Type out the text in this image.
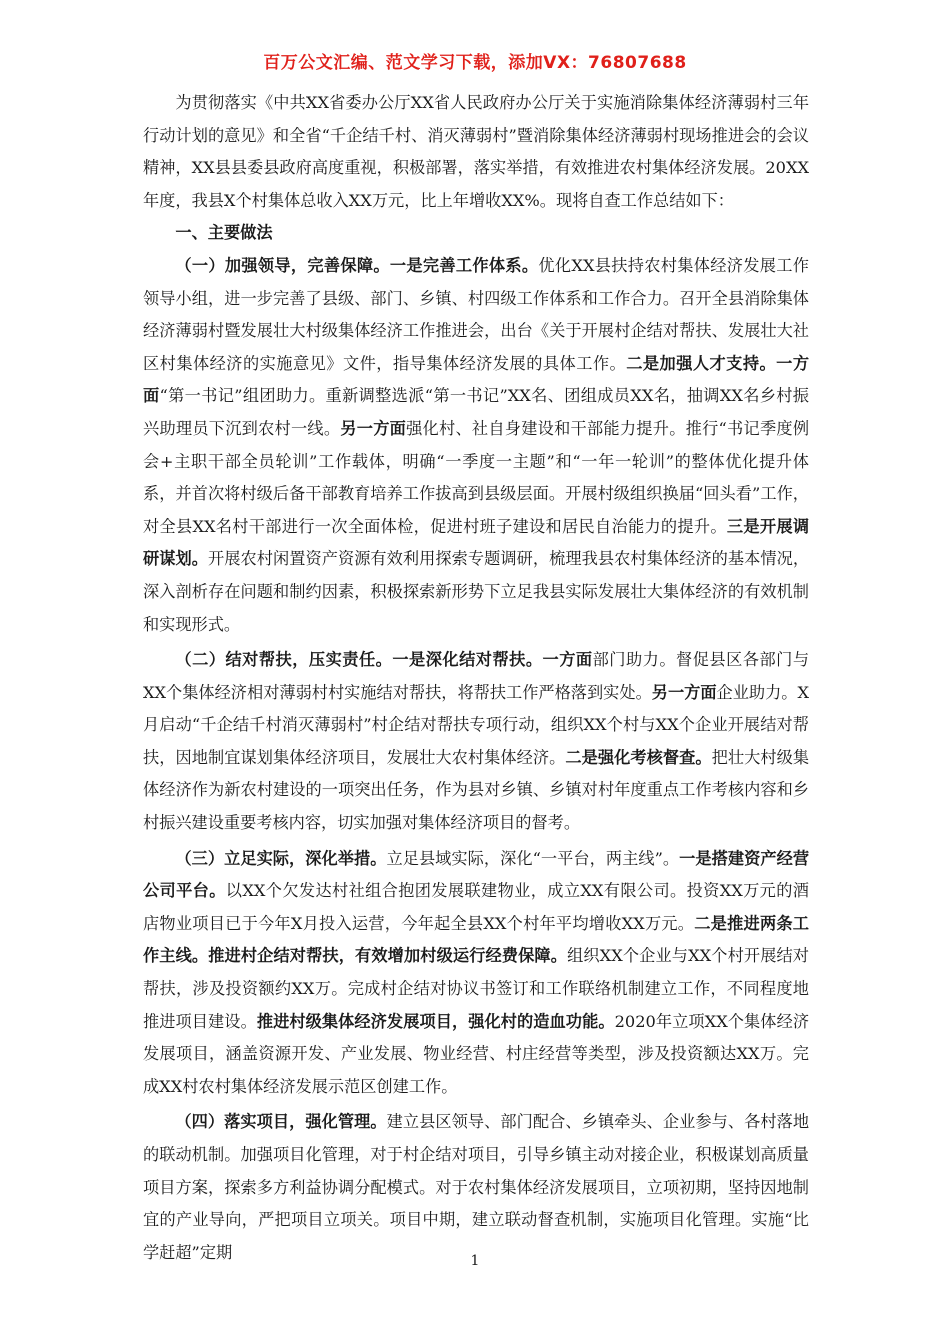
百万公文汇编、范文学习下载，添加VX：76807688

为贯彻落实《中共XX省委办公厅XX省人民政府办公厅关于实施消除集体经济薄弱村三年行动计划的意见》和全省“千企结千村、消灭薄弱村”暨消除集体经济薄弱村现场推进会的会议精神，XX县县委县政府高度重视，积极部署，落实举措，有效推进农村集体经济发展。20XX年度，我县X个村集体总收入XX万元，比上年增收XX%。现将自查工作总结如下：

一、主要做法

（一）加强领导，完善保障。一是完善工作体系。优化XX县扶持农村集体经济发展工作领导小组，进一步完善了县级、部门、乡镇、村四级工作体系和工作合力。召开全县消除集体经济薄弱村暨发展壮大村级集体经济工作推进会，出台《关于开展村企结对帮扶、发展壮大社区村集体经济的实施意见》文件，指导集体经济发展的具体工作。二是加强人才支持。一方面“第一书记”组团助力。重新调整选派“第一书记”XX名、团组成员XX名，抽调XX名乡村振兴助理员下沉到农村一线。另一方面强化村、社自身建设和干部能力提升。推行“书记季度例会+主职干部全员轮训”工作载体，明确“一季度一主题”和“一年一轮训”的整体优化提升体系，并首次将村级后备干部教育培养工作拔高到县级层面。开展村级组织换届“回头看”工作，对全县XX名村干部进行一次全面体检，促进村班子建设和居民自治能力的提升。三是开展调研谋划。开展农村闲置资产资源有效利用探索专题调研，梳理我县农村集体经济的基本情况，深入剖析存在问题和制约因素，积极探索新形势下立足我县实际发展壮大集体经济的有效机制和实现形式。

（二）结对帮扶，压实责任。一是深化结对帮扶。一方面部门助力。督促县区各部门与XX个集体经济相对薄弱村村实施结对帮扶，将帮扶工作严格落到实处。另一方面企业助力。X月启动“千企结千村消灭薄弱村”村企结对帮扶专项行动，组织XX个村与XX个企业开展结对帮扶，因地制宜谋划集体经济项目，发展壮大农村集体经济。二是强化考核督查。把壮大村级集体经济作为新农村建设的一项突出任务，作为县对乡镇、乡镇对村年度重点工作考核内容和乡村振兴建设重要考核内容，切实加强对集体经济项目的督考。

（三）立足实际，深化举措。立足县域实际，深化“一平台，两主线”。一是搭建资产经营公司平台。以XX个欠发达村社组合抱团发展联建物业，成立XX有限公司。投资XX万元的酒店物业项目已于今年X月投入运营，今年起全县XX个村年平均增收XX万元。二是推进两条工作主线。推进村企结对帮扶，有效增加村级运行经费保障。组织XX个企业与XX个村开展结对帮扶，涉及投资额约XX万。完成村企结对协议书签订和工作联络机制建立工作，不同程度地推进项目建设。推进村级集体经济发展项目，强化村的造血功能。2020年立项XX个集体经济发展项目，涵盖资源开发、产业发展、物业经营、村庄经营等类型，涉及投资额达XX万。完成XX村农村集体经济发展示范区创建工作。

（四）落实项目，强化管理。建立县区领导、部门配合、乡镇牵头、企业参与、各村落地的联动机制。加强项目化管理，对于村企结对项目，引导乡镇主动对接企业，积极谋划高质量项目方案，探索多方利益协调分配模式。对于农村集体经济发展项目，立项初期，坚持因地制宜的产业导向，严把项目立项关。项目中期，建立联动督查机制，实施项目化管理。实施“比学赶超”定期	1
